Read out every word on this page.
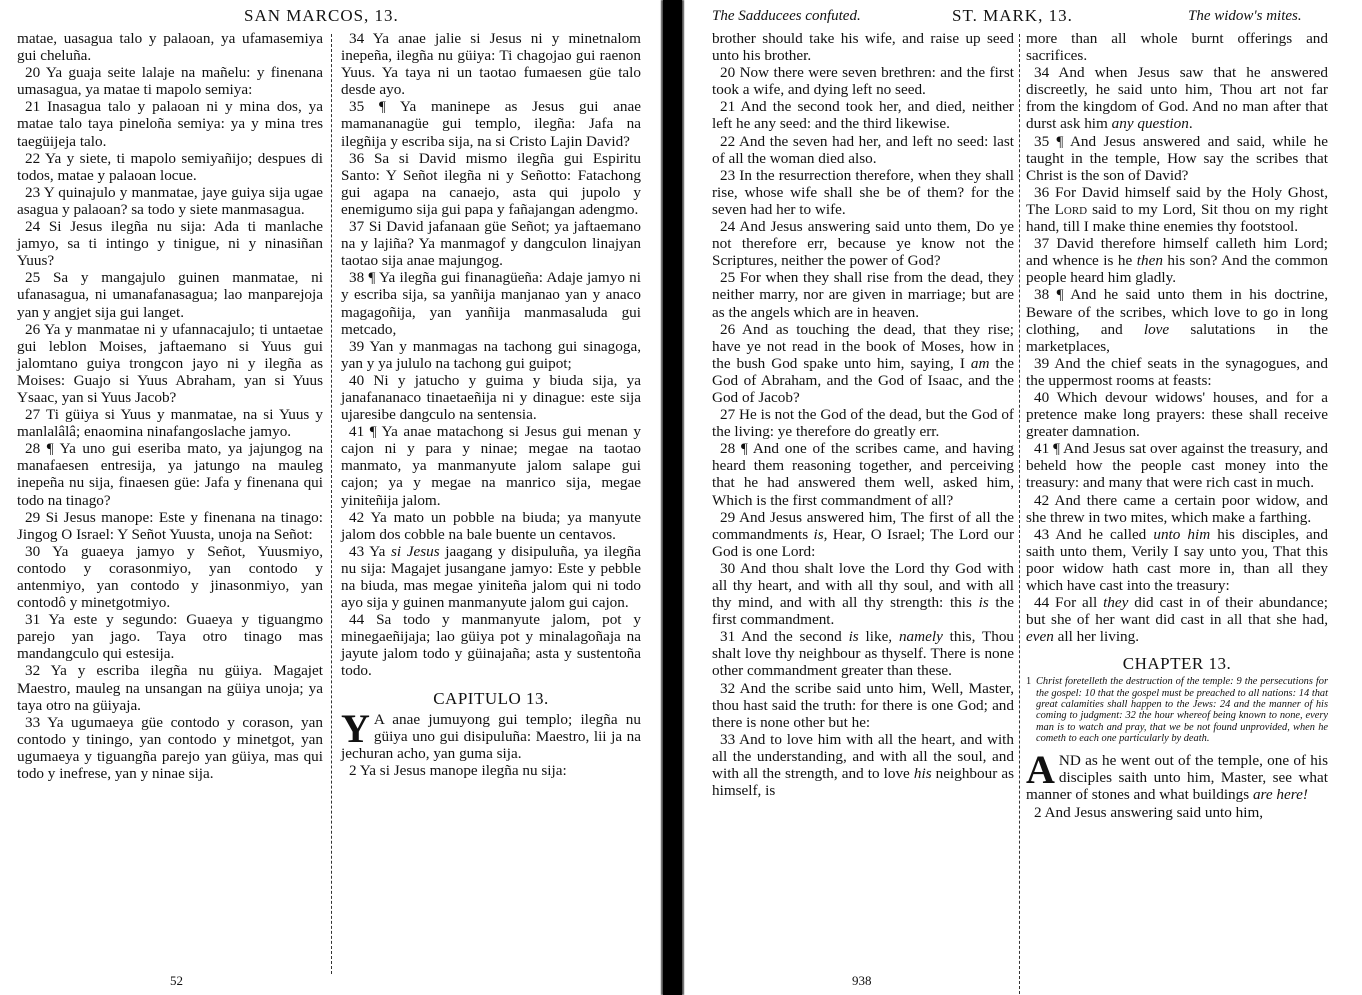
SAN MARCOS, 13.

matae, uasagua talo y palaoan, ya ufamasemiya gui cheluña.

20 Ya guaja seite lalaje na mañelu: y finenana umasagua, ya matae ti mapolo semiya:

21 Inasagua talo y palaoan ni y mina dos, ya matae talo taya pineloña semiya: ya y mina tres taegüijeja talo.

22 Ya y siete, ti mapolo semiyañijo; despues di todos, matae y palaoan locue.

23 Y quinajulo y manmatae, jaye guiya sija ugae asagua y palaoan? sa todo y siete manmasagua.

24 Si Jesus ilegña nu sija: Ada ti manlache jamyo, sa ti intingo y tinigue, ni y ninasiñan Yuus?

25 Sa y mangajulo guinen manmatae, ni ufanasagua, ni umanafanasagua; lao manparejoja yan y angjet sija gui langet.

26 Ya y manmatae ni y ufannacajulo; ti untaetae gui leblon Moises, jaftaemano si Yuus gui jalomtano guiya trongcon jayo ni y ilegña as Moises: Guajo si Yuus Abraham, yan si Yuus Ysaac, yan si Yuus Jacob?

27 Ti güiya si Yuus y manmatae, na si Yuus y manlalâlâ; enaomina ninafangoslache jamyo.

28 ¶ Ya uno gui eseriba mato, ya jajungog na manafaesen entresija, ya jatungo na mauleg inepeña nu sija, finaesen güe: Jafa y finenana qui todo na tinago?

29 Si Jesus manope: Este y finenana na tinago: Jingog O Israel: Y Señot Yuusta, unoja na Señot:

30 Ya guaeya jamyo y Señot, Yuusmiyo, contodo y corasonmiyo, yan contodo y antenmiyo, yan contodo y jinasonmiyo, yan contodô y minetgotmiyo.

31 Ya este y segundo: Guaeya y tiguangmo parejo yan jago. Taya otro tinago mas mandangculo qui estesija.

32 Ya y escriba ilegña nu güiya. Magajet Maestro, mauleg na unsangan na güiya unoja; ya taya otro na güiyaja.

33 Ya ugumaeya güe contodo y corason, yan contodo y tiningo, yan contodo y minetgot, yan ugumaeya y tiguangña parejo yan güiya, mas qui todo y inefrese, yan y ninae sija.

34 Ya anae jalie si Jesus ni y minetnalom inepeña, ilegña nu güiya: Ti chagojao gui raenon Yuus. Ya taya ni un taotao fumaesen güe talo desde ayo.

35 ¶ Ya maninepe as Jesus gui anae mamananagüe gui templo, ilegña: Jafa na ilegñija y escriba sija, na si Cristo Lajin David?

36 Sa si David mismo ilegña gui Espiritu Santo: Y Señot ilegña ni y Señotto: Fatachong gui agapa na canaejo, asta qui jupolo y enemigumo sija gui papa y fañajangan adengmo.

37 Si David jafanaan güe Señot; ya jaftaemano na y lajiña? Ya manmagof y dangculon linajyan taotao sija anae majungog.

38 ¶ Ya ilegña gui finanagüeña: Adaje jamyo ni y escriba sija, sa yanñija manjanao yan y anaco magagoñija, yan yanñija manmasaluda gui metcado,

39 Yan y manmagas na tachong gui sinagoga, yan y ya jululo na tachong gui guipot;

40 Ni y jatucho y guima y biuda sija, ya janafananaco tinaetaeñija ni y dinague: este sija ujaresibe dangculo na sentensia.

41 ¶ Ya anae matachong si Jesus gui menan y cajon ni y para y ninae; megae na taotao manmato, ya manmanyute jalom salape gui cajon; ya y megae na manrico sija, megae yiniteñija jalom.

42 Ya mato un pobble na biuda; ya manyute jalom dos cobble na bale buente un centavos.

43 Ya si Jesus jaagang y disipuluña, ya ilegña nu sija: Magajet jusangane jamyo: Este y pebble na biuda, mas megae yiniteña jalom qui ni todo ayo sija y guinen manmanyute jalom gui cajon.

44 Sa todo y manmanyute jalom, pot y minegaeñijaja; lao güiya pot y minalagoñaja na jayute jalom todo y güinajaña; asta y sustentoña todo.

CAPITULO 13.

Y A anae jumuyong gui templo; ilegña nu güiya uno gui disipuluña: Maestro, lii ja na jechuran acho, yan guma sija.

2 Ya si Jesus manope ilegña nu sija:

52
The Sadducees confuted.	ST. MARK, 13.	The widow's mites.

brother should take his wife, and raise up seed unto his brother.

20 Now there were seven brethren: and the first took a wife, and dying left no seed.

21 And the second took her, and died, neither left he any seed: and the third likewise.

22 And the seven had her, and left no seed: last of all the woman died also.

23 In the resurrection therefore, when they shall rise, whose wife shall she be of them? for the seven had her to wife.

24 And Jesus answering said unto them, Do ye not therefore err, because ye know not the Scriptures, neither the power of God?

25 For when they shall rise from the dead, they neither marry, nor are given in marriage; but are as the angels which are in heaven.

26 And as touching the dead, that they rise; have ye not read in the book of Moses, how in the bush God spake unto him, saying, I am the God of Abraham, and the God of Isaac, and the God of Jacob?

27 He is not the God of the dead, but the God of the living: ye therefore do greatly err.

28 ¶ And one of the scribes came, and having heard them reasoning together, and perceiving that he had answered them well, asked him, Which is the first commandment of all?

29 And Jesus answered him, The first of all the commandments is, Hear, O Israel; The Lord our God is one Lord:

30 And thou shalt love the Lord thy God with all thy heart, and with all thy soul, and with all thy mind, and with all thy strength: this is the first commandment.

31 And the second is like, namely this, Thou shalt love thy neighbour as thyself. There is none other commandment greater than these.

32 And the scribe said unto him, Well, Master, thou hast said the truth: for there is one God; and there is none other but he:

33 And to love him with all the heart, and with all the understanding, and with all the soul, and with all the strength, and to love his neighbour as himself, is

more than all whole burnt offerings and sacrifices.

34 And when Jesus saw that he answered discreetly, he said unto him, Thou art not far from the kingdom of God. And no man after that durst ask him any question.

35 ¶ And Jesus answered and said, while he taught in the temple, How say the scribes that Christ is the son of David?

36 For David himself said by the Holy Ghost, The Lord said to my Lord, Sit thou on my right hand, till I make thine enemies thy footstool.

37 David therefore himself calleth him Lord; and whence is he then his son? And the common people heard him gladly.

38 ¶ And he said unto them in his doctrine, Beware of the scribes, which love to go in long clothing, and love salutations in the marketplaces,

39 And the chief seats in the synagogues, and the uppermost rooms at feasts:

40 Which devour widows' houses, and for a pretence make long prayers: these shall receive greater damnation.

41 ¶ And Jesus sat over against the treasury, and beheld how the people cast money into the treasury: and many that were rich cast in much.

42 And there came a certain poor widow, and she threw in two mites, which make a farthing.

43 And he called unto him his disciples, and saith unto them, Verily I say unto you, That this poor widow hath cast more in, than all they which have cast into the treasury:

44 For all they did cast in of their abundance; but she of her want did cast in all that she had, even all her living.

CHAPTER 13.
1 Christ foretelleth the destruction of the temple: 9 the persecutions for the gospel: 10 that the gospel must be preached to all nations: 14 that great calamities shall happen to the Jews: 24 and the manner of his coming to judgment: 32 the hour whereof being known to none, every man is to watch and pray, that we be not found unprovided, when he cometh to each one particularly by death.

AND as he went out of the temple, one of his disciples saith unto him, Master, see what manner of stones and what buildings are here!

2 And Jesus answering said unto him,

938
